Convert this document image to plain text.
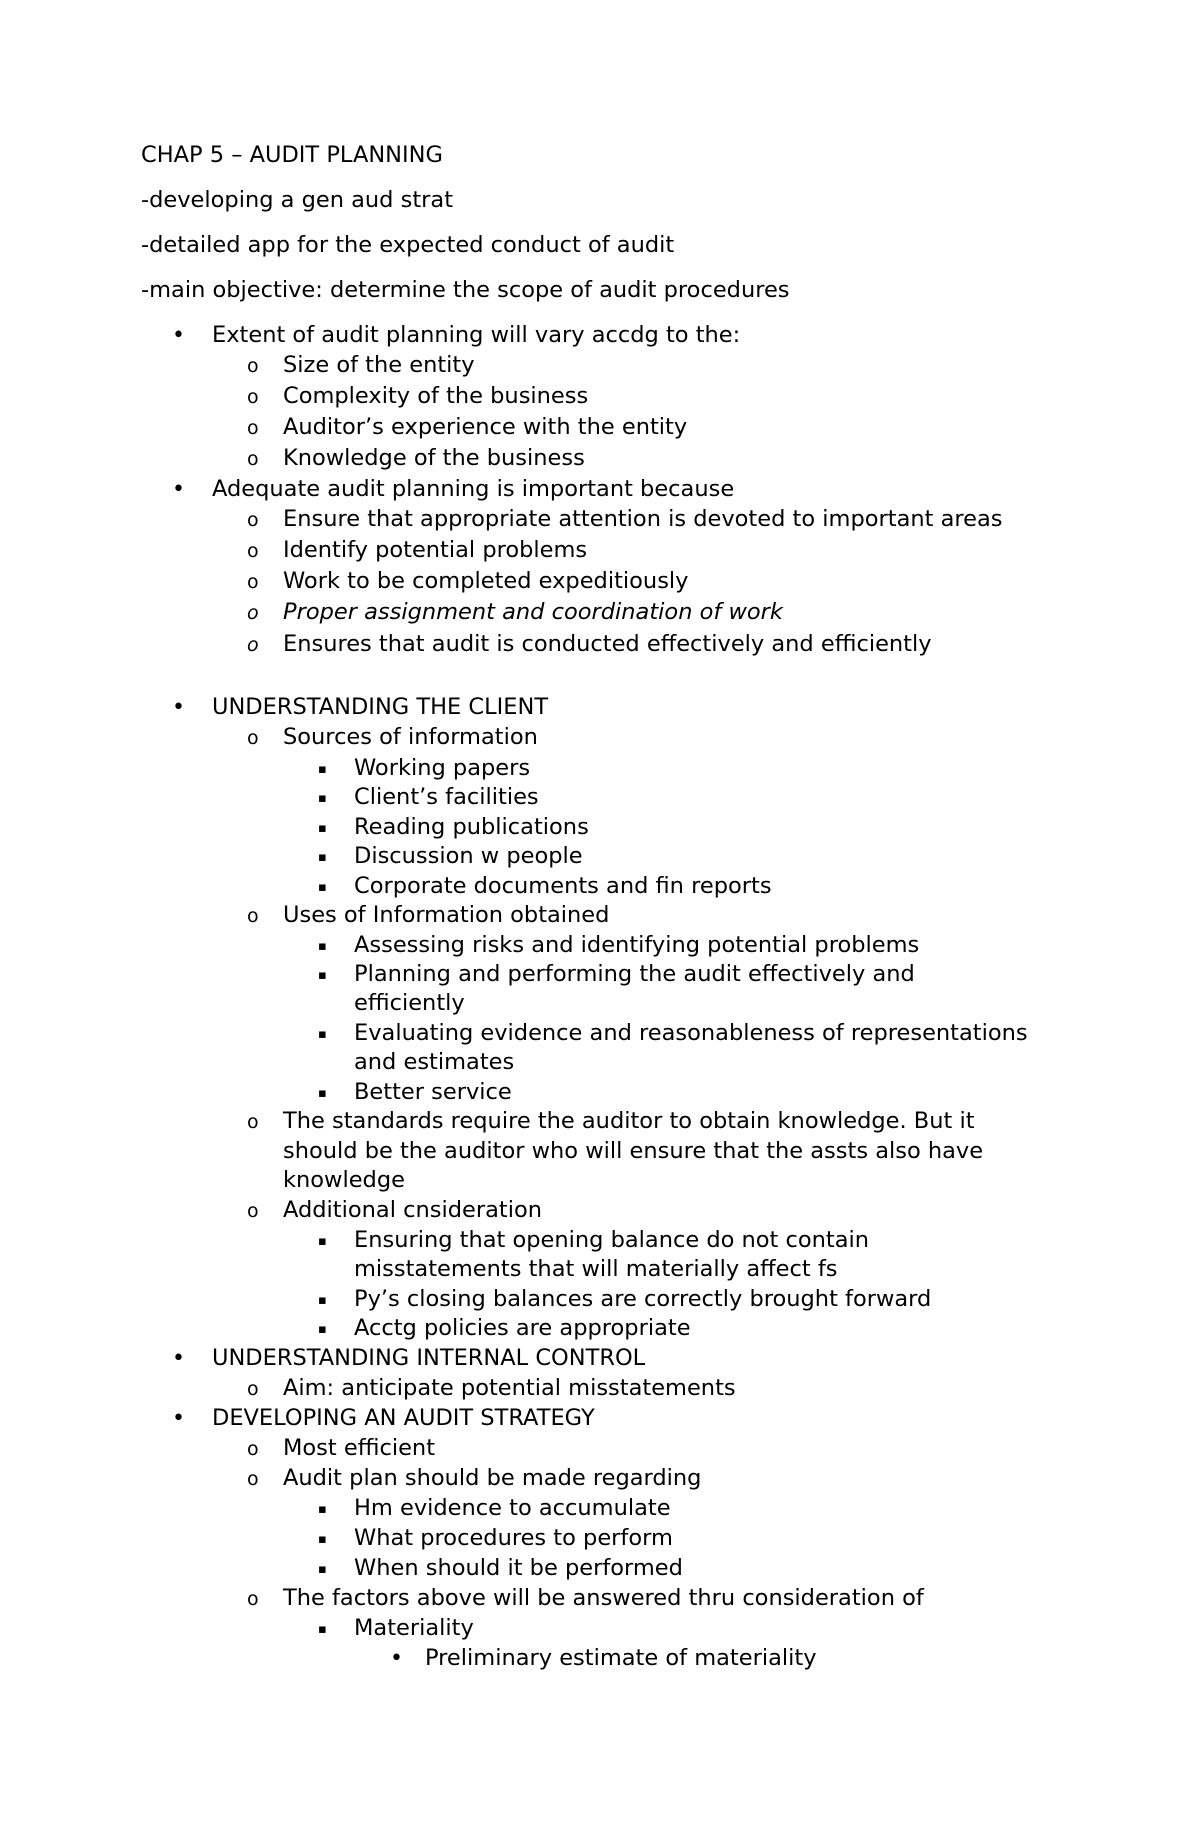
CHAP 5 – AUDIT PLANNING
-developing a gen aud strat
-detailed app for the expected conduct of audit
-main objective: determine the scope of audit procedures
• Extent of audit planning will vary accdg to the:
o Size of the entity
o Complexity of the business
o Auditor’s experience with the entity
o Knowledge of the business
• Adequate audit planning is important because
o Ensure that appropriate attention is devoted to important areas
o Identify potential problems
o Work to be completed expeditiously
o Proper assignment and coordination of work
o Ensures that audit is conducted effectively and efficiently
• UNDERSTANDING THE CLIENT
o Sources of information
▪ Working papers
▪ Client’s facilities
▪ Reading publications
▪ Discussion w people
▪ Corporate documents and fin reports
o Uses of Information obtained
▪ Assessing risks and identifying potential problems
▪ Planning and performing the audit effectively and
efficiently
▪ Evaluating evidence and reasonableness of representations
and estimates
▪ Better service
o The standards require the auditor to obtain knowledge. But it
should be the auditor who will ensure that the assts also have
knowledge
o Additional cnsideration
▪ Ensuring that opening balance do not contain
misstatements that will materially affect fs
▪ Py’s closing balances are correctly brought forward
▪ Acctg policies are appropriate
• UNDERSTANDING INTERNAL CONTROL
o Aim: anticipate potential misstatements
• DEVELOPING AN AUDIT STRATEGY
o Most efficient
o Audit plan should be made regarding
▪ Hm evidence to accumulate
▪ What procedures to perform
▪ When should it be performed
o The factors above will be answered thru consideration of
▪ Materiality
• Preliminary estimate of materiality
